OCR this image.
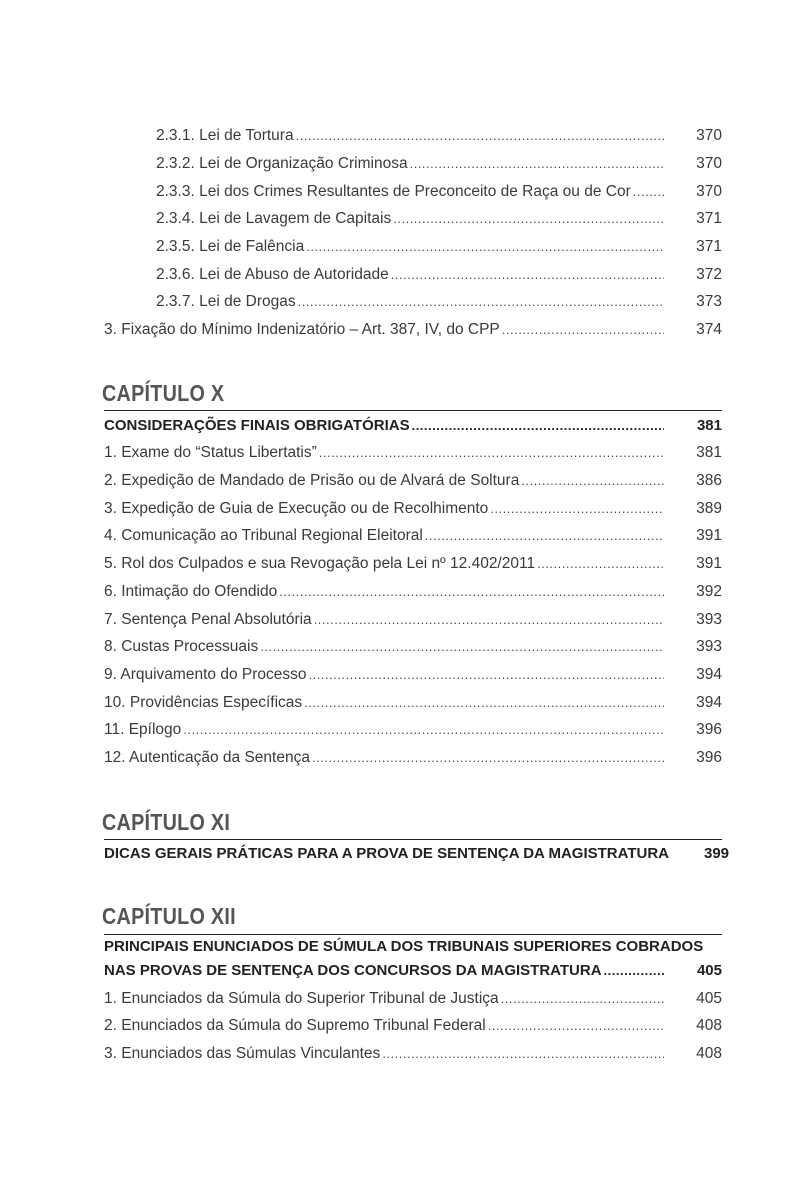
2.3.1. Lei de Tortura .....	370
2.3.2. Lei de Organização Criminosa .....	370
2.3.3. Lei dos Crimes Resultantes de Preconceito de Raça ou de Cor .....	370
2.3.4. Lei de Lavagem de Capitais .....	371
2.3.5. Lei de Falência .....	371
2.3.6. Lei de Abuso de Autoridade .....	372
2.3.7. Lei de Drogas .....	373
3. Fixação do Mínimo Indenizatório – Art. 387, IV, do CPP .....	374
CAPÍTULO X
CONSIDERAÇÕES FINAIS OBRIGATÓRIAS .....	381
1. Exame do “Status Libertatis” .....	381
2. Expedição de Mandado de Prisão ou de Alvará de Soltura .....	386
3. Expedição de Guia de Execução ou de Recolhimento .....	389
4. Comunicação ao Tribunal Regional Eleitoral .....	391
5. Rol dos Culpados e sua Revogação pela Lei nº 12.402/2011 .....	391
6. Intimação do Ofendido .....	392
7. Sentença Penal Absolutória .....	393
8. Custas Processuais .....	393
9. Arquivamento do Processo .....	394
10. Providências Específicas .....	394
11. Epílogo .....	396
12. Autenticação da Sentença .....	396
CAPÍTULO XI
DICAS GERAIS PRÁTICAS PARA A PROVA DE SENTENÇA DA MAGISTRATURA	399
CAPÍTULO XII
PRINCIPAIS ENUNCIADOS DE SÚMULA DOS TRIBUNAIS SUPERIORES COBRADOS
NAS PROVAS DE SENTENÇA DOS CONCURSOS DA MAGISTRATURA .....	405
1. Enunciados da Súmula do Superior Tribunal de Justiça .....	405
2. Enunciados da Súmula do Supremo Tribunal Federal .....	408
3. Enunciados das Súmulas Vinculantes .....	408
